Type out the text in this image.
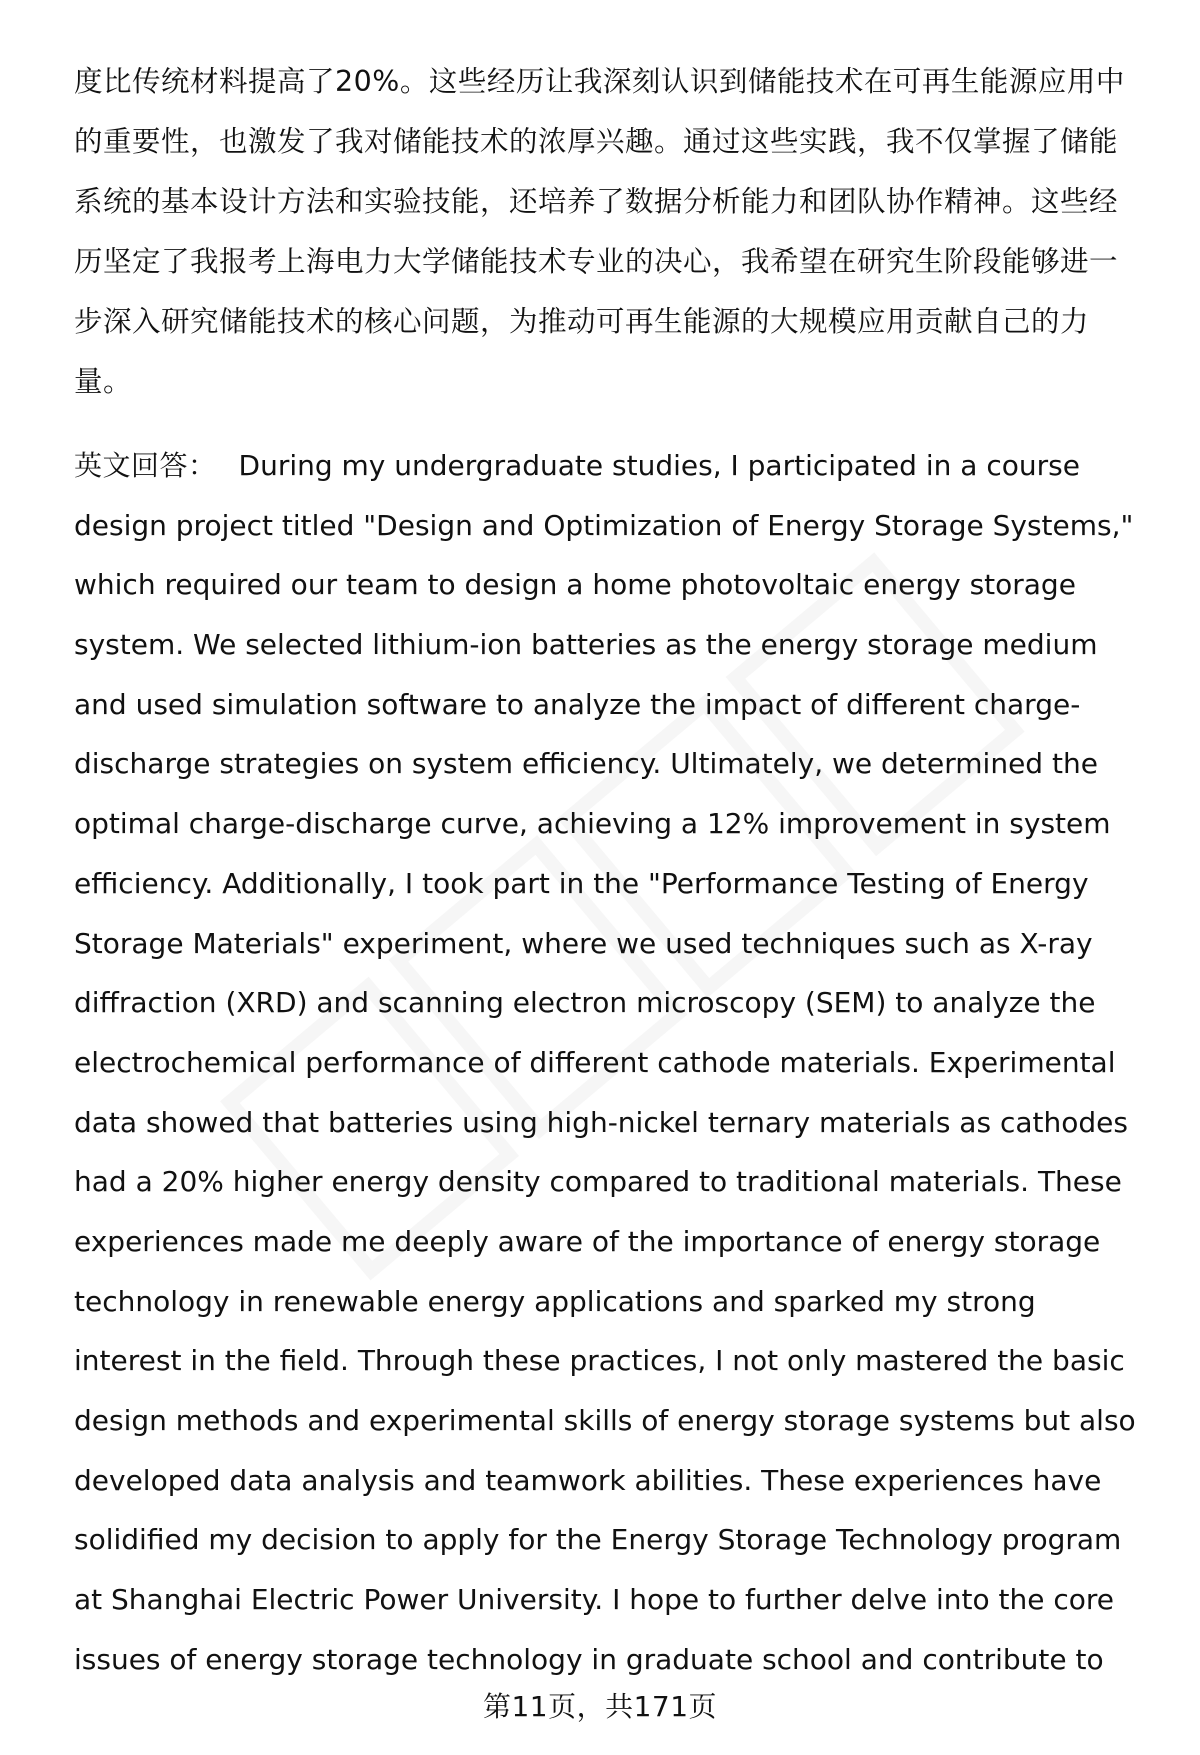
度比传统材料提高了20%。这些经历让我深刻认识到储能技术在可再生能源应用中
的重要性，也激发了我对储能技术的浓厚兴趣。通过这些实践，我不仅掌握了储能
系统的基本设计方法和实验技能，还培养了数据分析能力和团队协作精神。这些经
历坚定了我报考上海电力大学储能技术专业的决心，我希望在研究生阶段能够进一
步深入研究储能技术的核心问题，为推动可再生能源的大规模应用贡献自己的力
量。
英文回答： During my undergraduate studies, I participated in a course
design project titled "Design and Optimization of Energy Storage Systems,"
which required our team to design a home photovoltaic energy storage
system. We selected lithium-ion batteries as the energy storage medium
and used simulation software to analyze the impact of different charge-
discharge strategies on system efficiency. Ultimately, we determined the
optimal charge-discharge curve, achieving a 12% improvement in system
efficiency. Additionally, I took part in the "Performance Testing of Energy
Storage Materials" experiment, where we used techniques such as X-ray
diffraction (XRD) and scanning electron microscopy (SEM) to analyze the
electrochemical performance of different cathode materials. Experimental
data showed that batteries using high-nickel ternary materials as cathodes
had a 20% higher energy density compared to traditional materials. These
experiences made me deeply aware of the importance of energy storage
technology in renewable energy applications and sparked my strong
interest in the field. Through these practices, I not only mastered the basic
design methods and experimental skills of energy storage systems but also
developed data analysis and teamwork abilities. These experiences have
solidified my decision to apply for the Energy Storage Technology program
at Shanghai Electric Power University. I hope to further delve into the core
issues of energy storage technology in graduate school and contribute to
第11页，共171页
